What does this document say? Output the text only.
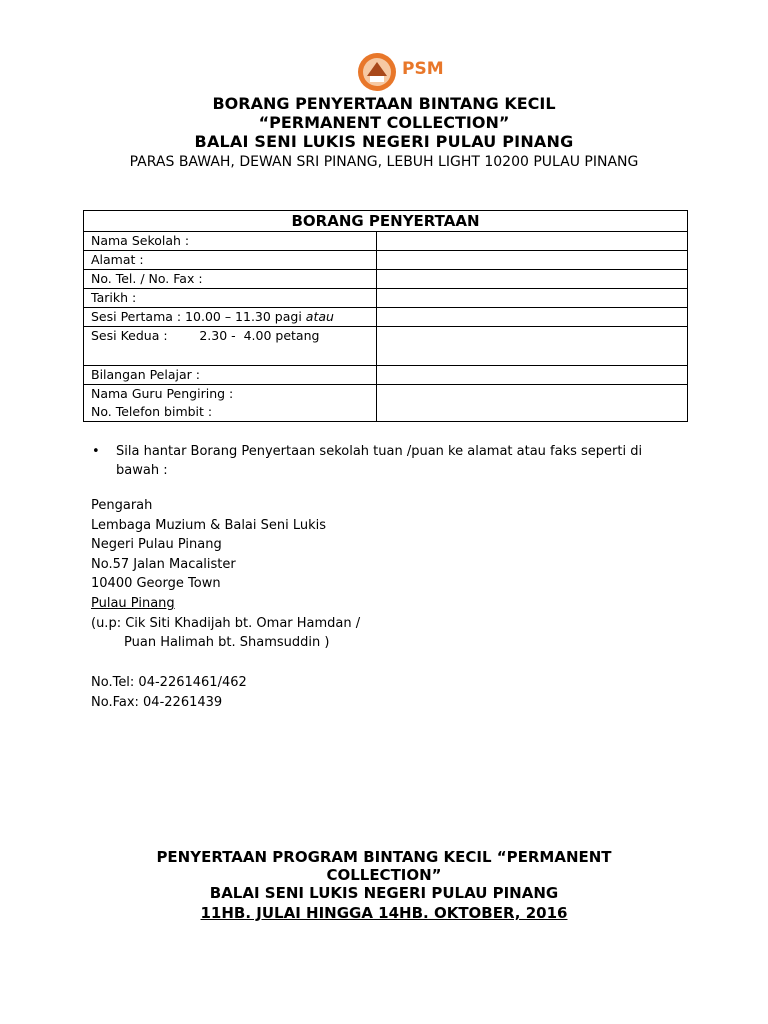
PSM
BORANG PENYERTAAN BINTANG KECIL
“PERMANENT COLLECTION”
BALAI SENI LUKIS NEGERI PULAU PINANG
PARAS BAWAH, DEWAN SRI PINANG, LEBUH LIGHT 10200 PULAU PINANG
BORANG PENYERTAAN	
Nama Sekolah :	
Alamat :	
No. Tel. / No. Fax :	
Tarikh :	
Sesi Pertama : 10.00 – 11.30 pagi atau	

Sesi Kedua :        2.30 -  4.00 petang	

Bilangan Pelajar :	

Nama Guru Pengiring :
No. Telefon bimbit :	

• Sila hantar Borang Penyertaan sekolah tuan /puan ke alamat atau faks seperti di bawah :
Pengarah
Lembaga Muzium & Balai Seni Lukis
Negeri Pulau Pinang
No.57 Jalan Macalister
10400 George Town
Pulau Pinang
(u.p: Cik Siti Khadijah bt. Omar Hamdan /
Puan Halimah bt. Shamsuddin )
No.Tel: 04-2261461/462
No.Fax: 04-2261439
PENYERTAAN PROGRAM BINTANG KECIL “PERMANENT COLLECTION”
BALAI SENI LUKIS NEGERI PULAU PINANG
11HB. JULAI HINGGA 14HB. OKTOBER, 2016
